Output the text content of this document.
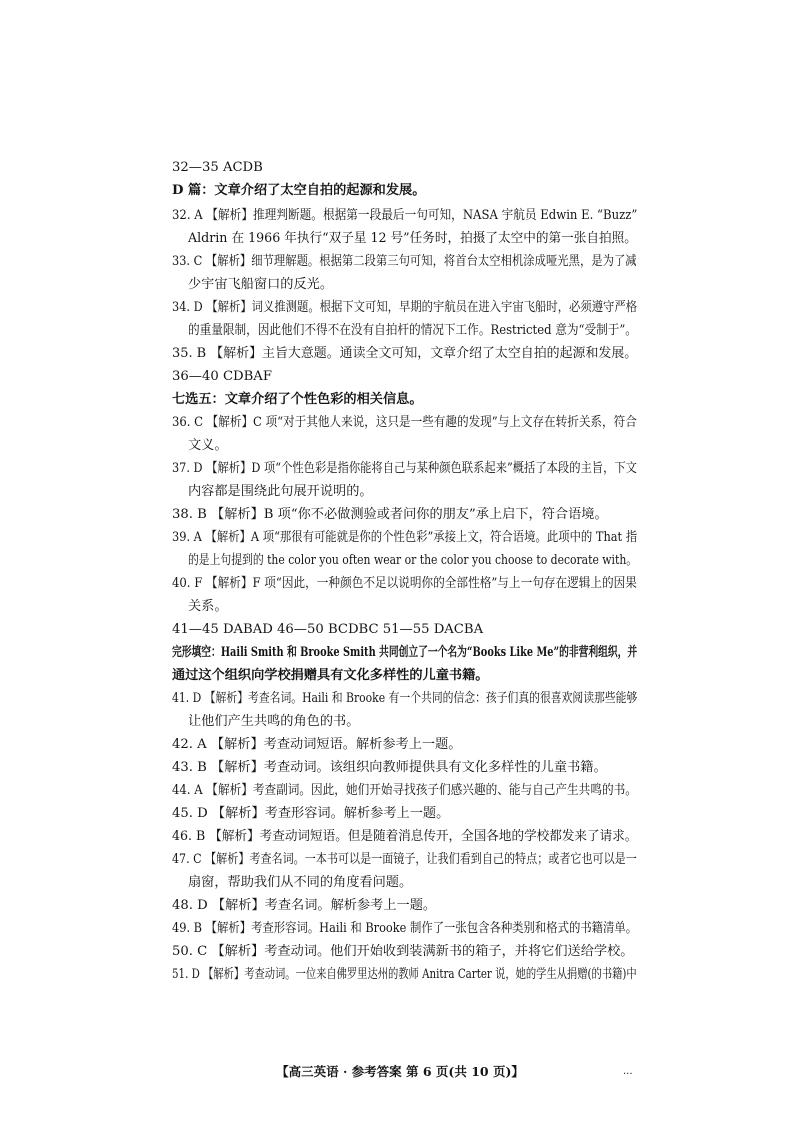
32—35 ACDB
D 篇：文章介绍了太空自拍的起源和发展。
32. A 【解析】推理判断题。根据第一段最后一句可知，NASA 宇航员 Edwin E. “Buzz”
Aldrin 在 1966 年执行“双子星 12 号”任务时，拍摄了太空中的第一张自拍照。
33. C 【解析】细节理解题。根据第二段第三句可知，将首台太空相机涂成哑光黑，是为了减
少宇宙飞船窗口的反光。
34. D 【解析】词义推测题。根据下文可知，早期的宇航员在进入宇宙飞船时，必须遵守严格
的重量限制，因此他们不得不在没有自拍杆的情况下工作。Restricted 意为“受制于”。
35. B 【解析】主旨大意题。通读全文可知，文章介绍了太空自拍的起源和发展。
36—40 CDBAF
七选五：文章介绍了个性色彩的相关信息。
36. C 【解析】C 项“对于其他人来说，这只是一些有趣的发现”与上文存在转折关系，符合
文义。
37. D 【解析】D 项“个性色彩是指你能将自己与某种颜色联系起来”概括了本段的主旨，下文
内容都是围绕此句展开说明的。
38. B 【解析】B 项“你不必做测验或者问你的朋友”承上启下，符合语境。
39. A 【解析】A 项“那很有可能就是你的个性色彩”承接上文，符合语境。此项中的 That 指
的是上句提到的 the color you often wear or the color you choose to decorate with。
40. F 【解析】F 项“因此，一种颜色不足以说明你的全部性格”与上一句存在逻辑上的因果
关系。
41—45 DABAD 46—50 BCDBC 51—55 DACBA
完形填空：Haili Smith 和 Brooke Smith 共同创立了一个名为“Books Like Me”的非营利组织，并
通过这个组织向学校捐赠具有文化多样性的儿童书籍。
41. D 【解析】考查名词。Haili 和 Brooke 有一个共同的信念：孩子们真的很喜欢阅读那些能够
让他们产生共鸣的角色的书。
42. A 【解析】考查动词短语。解析参考上一题。
43. B 【解析】考查动词。该组织向教师提供具有文化多样性的儿童书籍。
44. A 【解析】考查副词。因此，她们开始寻找孩子们感兴趣的、能与自己产生共鸣的书。
45. D 【解析】考查形容词。解析参考上一题。
46. B 【解析】考查动词短语。但是随着消息传开，全国各地的学校都发来了请求。
47. C 【解析】考查名词。一本书可以是一面镜子，让我们看到自己的特点；或者它也可以是一
扇窗，帮助我们从不同的角度看问题。
48. D 【解析】考查名词。解析参考上一题。
49. B 【解析】考查形容词。Haili 和 Brooke 制作了一张包含各种类别和格式的书籍清单。
50. C 【解析】考查动词。他们开始收到装满新书的箱子，并将它们送给学校。
51. D 【解析】考查动词。一位来自佛罗里达州的教师 Anitra Carter 说，她的学生从捐赠(的书籍)中
【高三英语 · 参考答案 第 6 页(共 10 页)】	...
